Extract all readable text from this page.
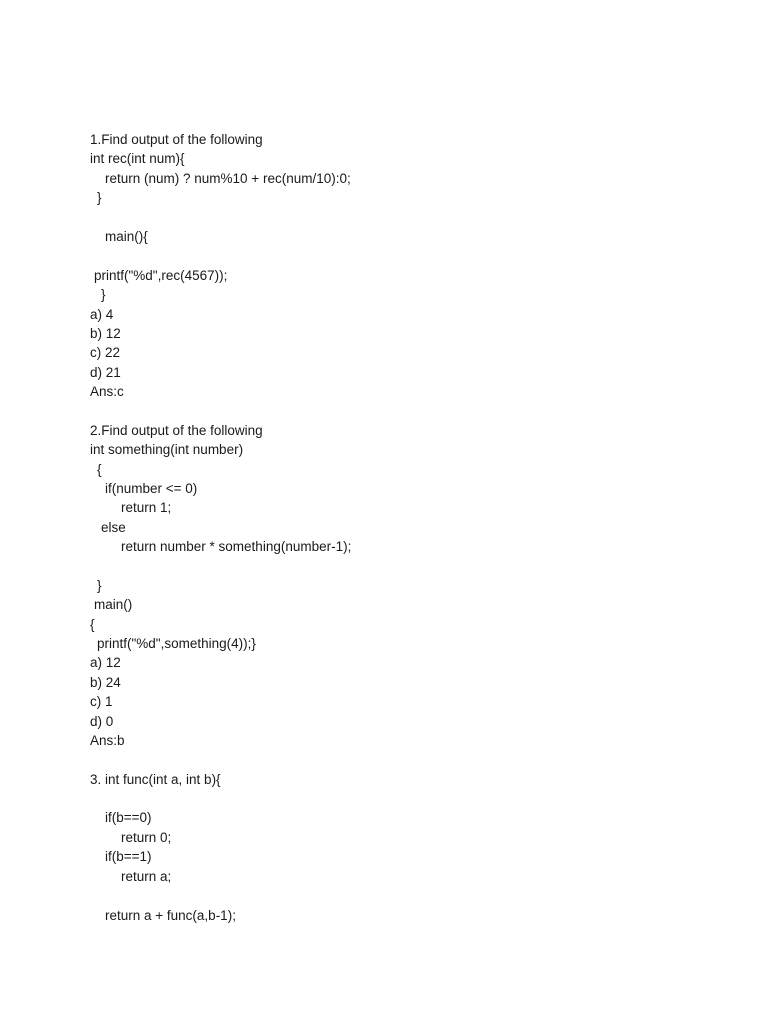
1.Find output of the following

int rec(int num){

return (num) ? num%10 + rec(num/10):0;

}

main(){

printf("%d",rec(4567));

}

a) 4

b) 12

c) 22

d) 21

Ans:c

2.Find output of the following

int something(int number)

{

if(number <= 0)

return 1;

else

return number * something(number-1);

}

main()

{

printf("%d",something(4));}

a) 12

b) 24

c) 1

d) 0

Ans:b

3. int func(int a, int b){

if(b==0)

return 0;

if(b==1)

return a;

return a + func(a,b-1);
